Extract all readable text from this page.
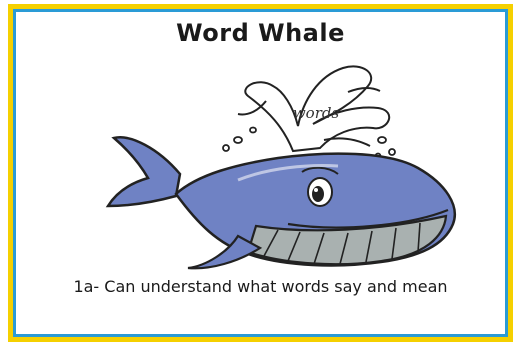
Word Whale
words
1a- Can understand what words say and mean
